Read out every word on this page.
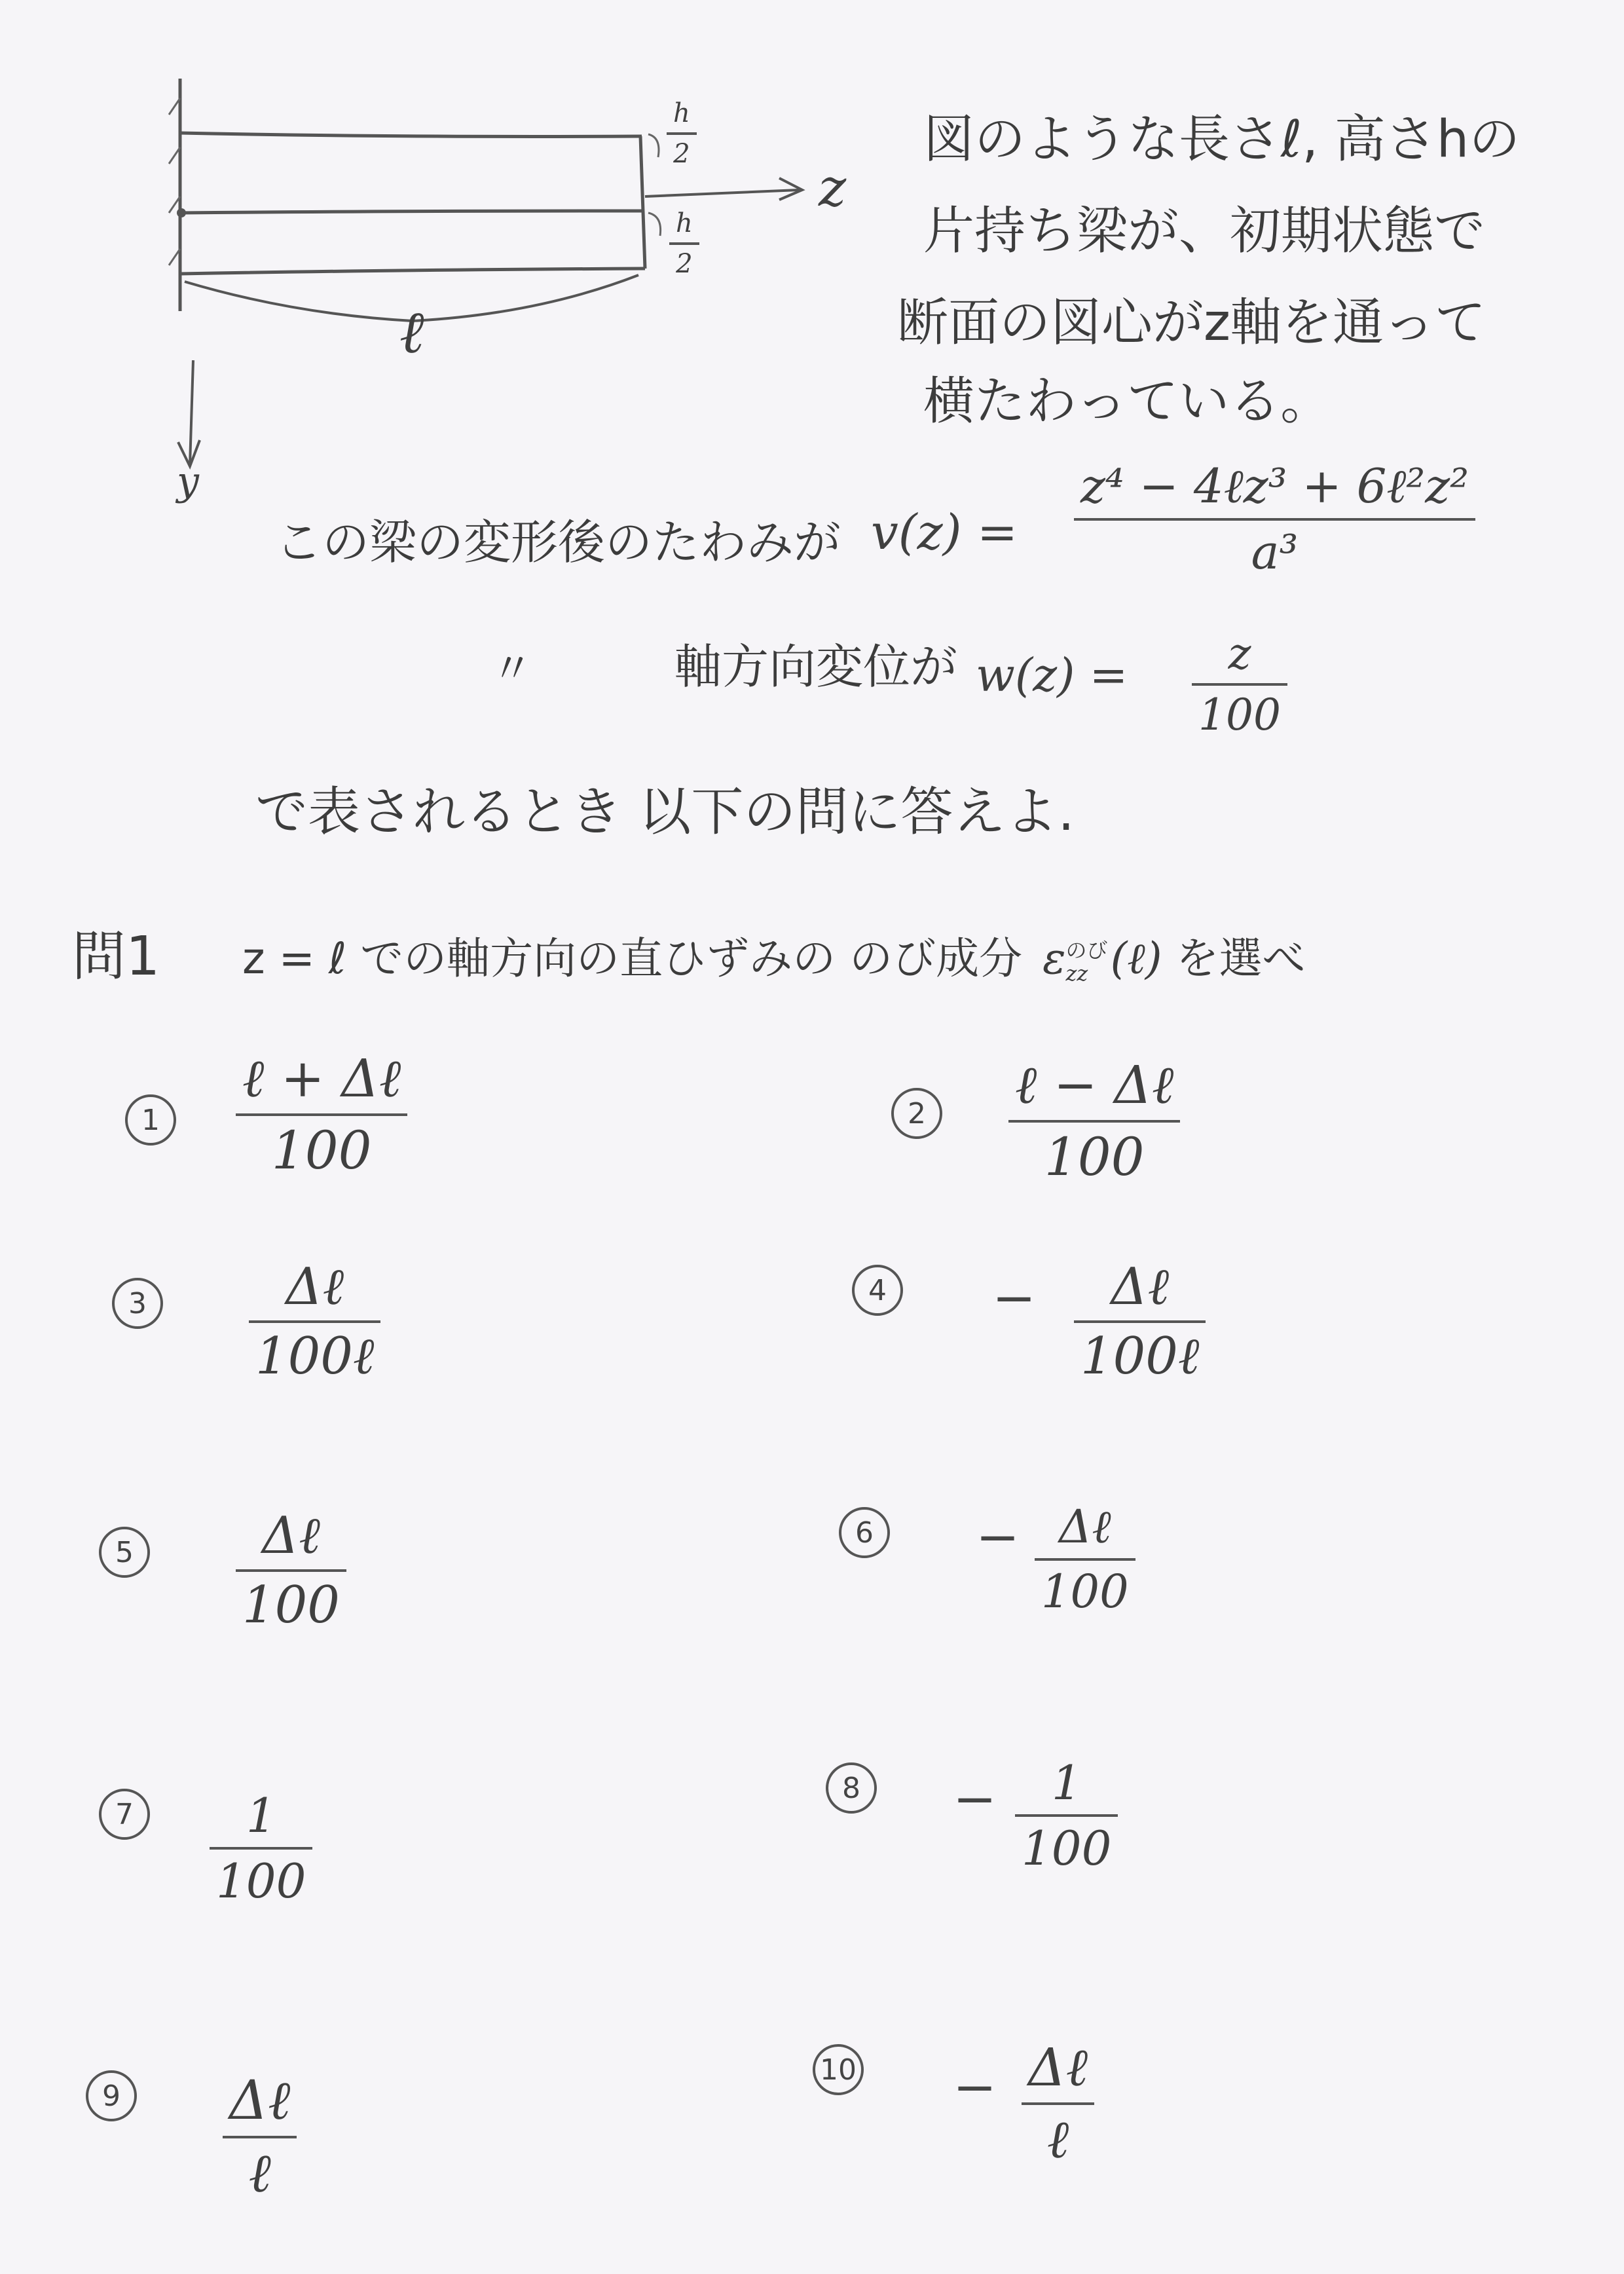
h
2
h
2
z
ℓ
y
図のような長さℓ, 高さhの
片持ち梁が、初期状態で
断面の図心がz軸を通って
横たわっている。
この梁の変形後のたわみが v(z) =
z⁴ − 4ℓz³ + 6ℓ²z²
a³
〃	軸方向変位が w(z) = z
100
で表されるとき 以下の問に答えよ.
問1 z = ℓ での軸方向の直ひずみの のび成分 ε のび
zz (ℓ) を選べ
1
ℓ + Δℓ
100
2	ℓ − Δℓ
100
3	Δℓ
100ℓ
4	− Δℓ
100ℓ
5	Δℓ
100
6	− Δℓ
100
7	1
100
8	− 1
100
9	Δℓ
ℓ
10 − Δℓ
ℓ
